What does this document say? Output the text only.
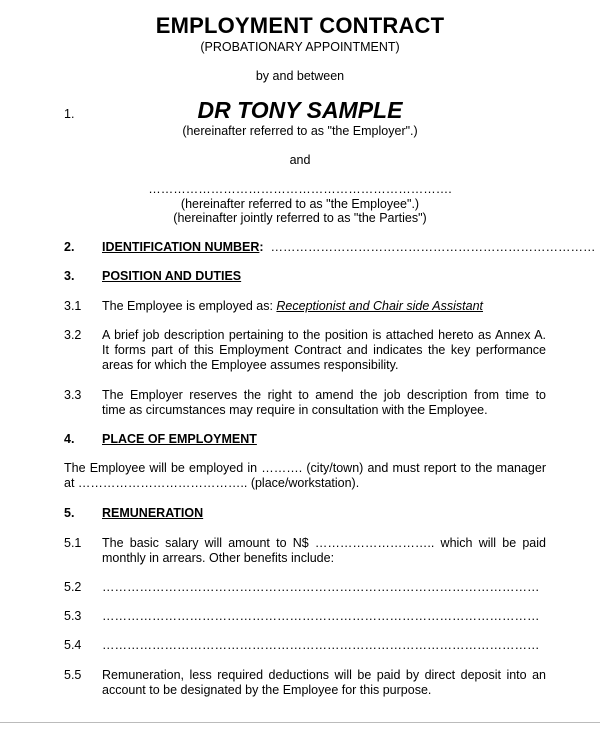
EMPLOYMENT CONTRACT
(PROBATIONARY APPOINTMENT)
by and between
1.	DR TONY SAMPLE
(hereinafter referred to as "the Employer".)
and
……………………………………………………………….
(hereinafter referred to as "the Employee".)
(hereinafter jointly referred to as "the Parties")
2. IDENTIFICATION NUMBER: ……………………………………………………………………
3. POSITION AND DUTIES
3.1 The Employee is employed as: Receptionist and Chair side Assistant
3.2 A brief job description pertaining to the position is attached hereto as Annex A.
It forms part of this Employment Contract and indicates the key performance
areas for which the Employee assumes responsibility.
3.3 The Employer reserves the right to amend the job description from time to
time as circumstances may require in consultation with the Employee.
4. PLACE OF EMPLOYMENT
The Employee will be employed in ………. (city/town) and must report to the manager
at ………………………………….. (place/workstation).
5. REMUNERATION
5.1 The basic salary will amount to N$ ……………………….. which will be paid
monthly in arrears. Other benefits include:
5.2 ……………………………………………………………………………………………
5.3 ……………………………………………………………………………………………
5.4 ……………………………………………………………………………………………
5.5 Remuneration, less required deductions will be paid by direct deposit into an
account to be designated by the Employee for this purpose.
